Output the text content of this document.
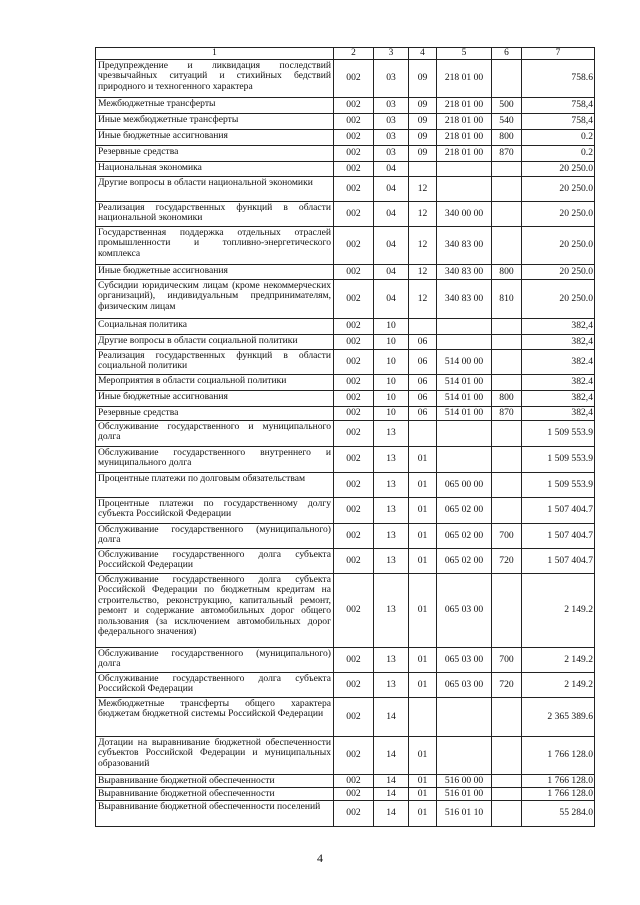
1	2	3	4	5	6	7
Предупреждение и ликвидация последствий чрезвычайных ситуаций и стихийных бедствий природного и техногенного характера	002	03	09	218 01 00		758.6
Межбюджетные трансферты	002	03	09	218 01 00	500	758,4
Иные межбюджетные трансферты	002	03	09	218 01 00	540	758,4
Иные бюджетные ассигнования	002	03	09	218 01 00	800	0.2
Резервные средства	002	03	09	218 01 00	870	0.2
Национальная экономика	002	04				20 250.0
Другие вопросы в области национальной экономики	002	04	12			20 250.0
Реализация государственных функций в области национальной экономики	002	04	12	340 00 00		20 250.0
Государственная поддержка отдельных отраслей промышленности и топливно-энергетического комплекса	002	04	12	340 83 00		20 250.0
Иные бюджетные ассигнования	002	04	12	340 83 00	800	20 250.0
Субсидии юридическим лицам (кроме некоммерческих организаций), индивидуальным предпринимателям, физическим лицам	002	04	12	340 83 00	810	20 250.0
Социальная политика	002	10				382,4
Другие вопросы в области социальной политики	002	10	06			382,4
Реализация государственных функций в области социальной политики	002	10	06	514 00 00		382.4
Мероприятия в области социальной политики	002	10	06	514 01 00		382.4
Иные бюджетные ассигнования	002	10	06	514 01 00	800	382,4
Резервные средства	002	10	06	514 01 00	870	382,4
Обслуживание государственного и муниципального долга	002	13				1 509 553.9
Обслуживание государственного внутреннего и муниципального долга	002	13	01			1 509 553.9
Процентные платежи по долговым обязательствам	002	13	01	065 00 00		1 509 553.9
Процентные платежи по государственному долгу субъекта Российской Федерации	002	13	01	065 02 00		1 507 404.7
Обслуживание государственного (муниципального) долга	002	13	01	065 02 00	700	1 507 404.7
Обслуживание государственного долга субъекта Российской Федерации	002	13	01	065 02 00	720	1 507 404.7
Обслуживание государственного долга субъекта Российской Федерации по бюджетным кредитам на строительство, реконструкцию, капитальный ремонт, ремонт и содержание автомобильных дорог общего пользования (за исключением автомобильных дорог федерального значения)	002	13	01	065 03 00		2 149.2
Обслуживание государственного (муниципального) долга	002	13	01	065 03 00	700	2 149.2
Обслуживание государственного долга субъекта Российской Федерации	002	13	01	065 03 00	720	2 149.2
Межбюджетные трансферты общего характера бюджетам бюджетной системы Российской Федерации	002	14				2 365 389.6
Дотации на выравнивание бюджетной обеспеченности субъектов Российской Федерации и муниципальных образований	002	14	01			1 766 128.0
Выравнивание бюджетной обеспеченности	002	14	01	516 00 00		1 766 128.0
Выравнивание бюджетной обеспеченности	002	14	01	516 01 00		1 766 128.0
Выравнивание бюджетной обеспеченности поселений	002	14	01	516 01 10		55 284.0
4
